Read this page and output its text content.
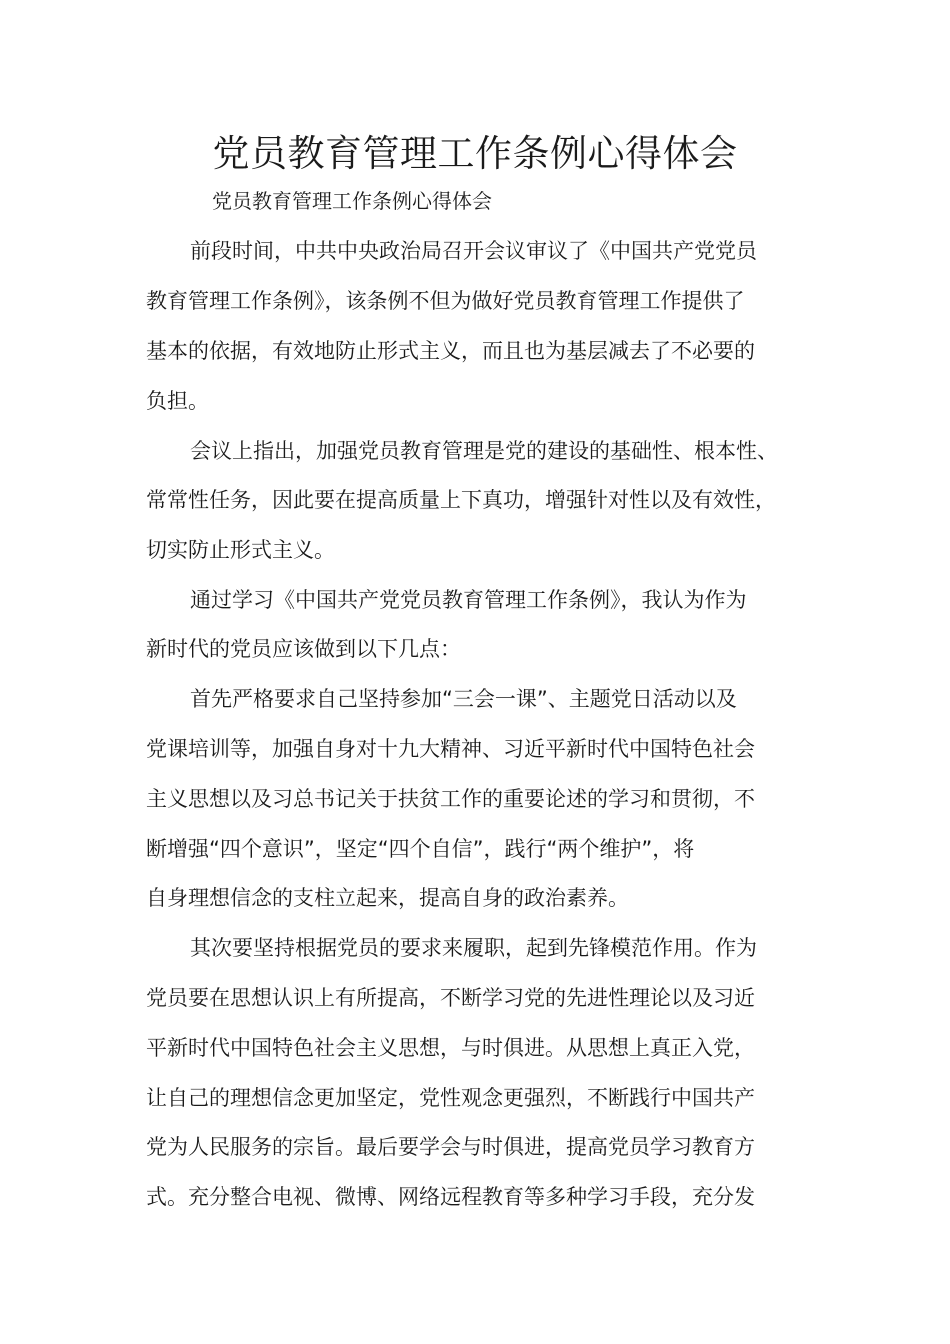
党员教育管理工作条例心得体会

党员教育管理工作条例心得体会

前段时间，中共中央政治局召开会议审议了《中国共产党党员

教育管理工作条例》，该条例不但为做好党员教育管理工作提供了

基本的依据，有效地防止形式主义，而且也为基层减去了不必要的

负担。

会议上指出，加强党员教育管理是党的建设的基础性、根本性、

常常性任务，因此要在提高质量上下真功，增强针对性以及有效性，

切实防止形式主义。

通过学习《中国共产党党员教育管理工作条例》，我认为作为

新时代的党员应该做到以下几点：

首先严格要求自己坚持参加“三会一课”、主题党日活动以及

党课培训等，加强自身对十九大精神、习近平新时代中国特色社会

主义思想以及习总书记关于扶贫工作的重要论述的学习和贯彻，不

断增强“四个意识”，坚定“四个自信”，践行“两个维护”，将

自身理想信念的支柱立起来，提高自身的政治素养。

其次要坚持根据党员的要求来履职，起到先锋模范作用。作为

党员要在思想认识上有所提高，不断学习党的先进性理论以及习近

平新时代中国特色社会主义思想，与时俱进。从思想上真正入党，

让自己的理想信念更加坚定，党性观念更强烈，不断践行中国共产

党为人民服务的宗旨。最后要学会与时俱进，提高党员学习教育方

式。充分整合电视、微博、网络远程教育等多种学习手段，充分发
